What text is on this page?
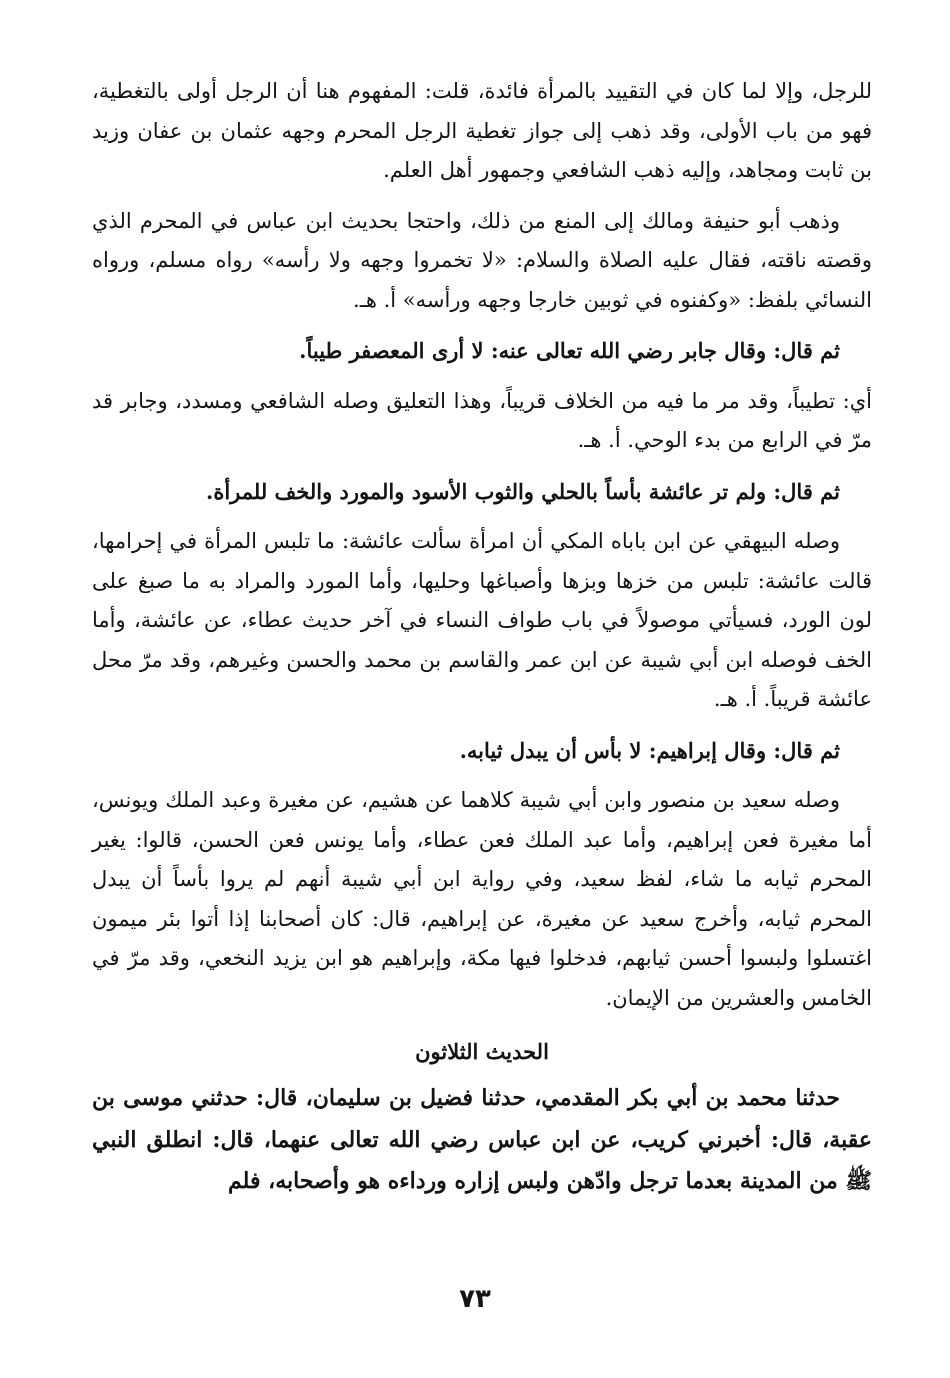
للرجل، وإلا لما كان في التقييد بالمرأة فائدة، قلت: المفهوم هنا أن الرجل أولى بالتغطية، فهو من باب الأولى، وقد ذهب إلى جواز تغطية الرجل المحرم وجهه عثمان بن عفان وزيد بن ثابت ومجاهد، وإليه ذهب الشافعي وجمهور أهل العلم.

وذهب أبو حنيفة ومالك إلى المنع من ذلك، واحتجا بحديث ابن عباس في المحرم الذي وقصته ناقته، فقال عليه الصلاة والسلام: «لا تخمروا وجهه ولا رأسه» رواه مسلم، ورواه النسائي بلفظ: «وكفنوه في ثوبين خارجا وجهه ورأسه» أ. هـ.

ثم قال: وقال جابر رضي الله تعالى عنه: لا أرى المعصفر طيباً.

أي: تطيباً، وقد مر ما فيه من الخلاف قريباً، وهذا التعليق وصله الشافعي ومسدد، وجابر قد مرّ في الرابع من بدء الوحي. أ. هـ.

ثم قال: ولم تر عائشة بأساً بالحلي والثوب الأسود والمورد والخف للمرأة.

وصله البيهقي عن ابن باباه المكي أن امرأة سألت عائشة: ما تلبس المرأة في إحرامها، قالت عائشة: تلبس من خزها وبزها وأصباغها وحليها، وأما المورد والمراد به ما صبغ على لون الورد، فسيأتي موصولاً في باب طواف النساء في آخر حديث عطاء، عن عائشة، وأما الخف فوصله ابن أبي شيبة عن ابن عمر والقاسم بن محمد والحسن وغيرهم، وقد مرّ محل عائشة قريباً. أ. هـ.

ثم قال: وقال إبراهيم: لا بأس أن يبدل ثيابه.

وصله سعيد بن منصور وابن أبي شيبة كلاهما عن هشيم، عن مغيرة وعبد الملك ويونس، أما مغيرة فعن إبراهيم، وأما عبد الملك فعن عطاء، وأما يونس فعن الحسن، قالوا: يغير المحرم ثيابه ما شاء، لفظ سعيد، وفي رواية ابن أبي شيبة أنهم لم يروا بأساً أن يبدل المحرم ثيابه، وأخرج سعيد عن مغيرة، عن إبراهيم، قال: كان أصحابنا إذا أتوا بئر ميمون اغتسلوا ولبسوا أحسن ثيابهم، فدخلوا فيها مكة، وإبراهيم هو ابن يزيد النخعي، وقد مرّ في الخامس والعشرين من الإيمان.

الحديث الثلاثون

حدثنا محمد بن أبي بكر المقدمي، حدثنا فضيل بن سليمان، قال: حدثني موسى بن عقبة، قال: أخبرني كريب، عن ابن عباس رضي الله تعالى عنهما، قال: انطلق النبي ﷺ من المدينة بعدما ترجل وادّهن ولبس إزاره ورداءه هو وأصحابه، فلم

٧٣
